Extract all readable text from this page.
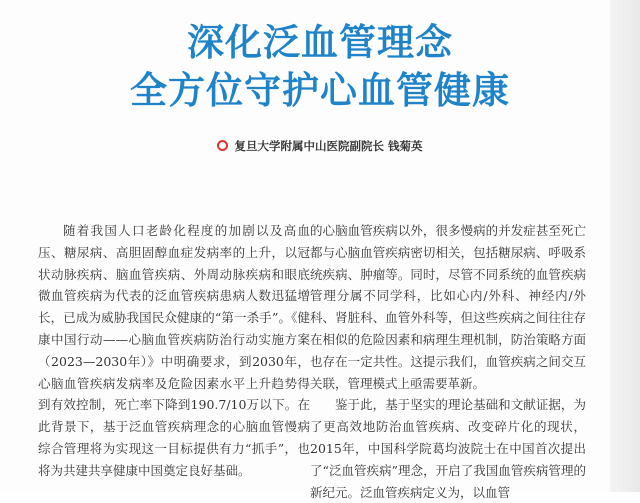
深化泛血管理念
全方位守护心血管健康
复旦大学附属中山医院副院长 钱菊英

随着我国人口老龄化程度的加剧以及高血压、糖尿病、高胆固醇血症发病率的上升，以冠状动脉疾病、脑血管疾病、外周动脉疾病和眼底微血管疾病为代表的泛血管疾病患病人数迅猛增长，已成为威胁我国民众健康的“第一杀手”。《健康中国行动——心脑血管疾病防治行动实施方案（2023—2030年）》中明确要求，到2030年，心脑血管疾病发病率及危险因素水平上升趋势得到有效控制，死亡率下降到190.7/10万以下。在此背景下，基于泛血管疾病理念的心脑血管慢病综合管理将为实现这一目标提供有力“抓手”，也将为共建共享健康中国奠定良好基础。

的心脑血管疾病以外，很多慢病的并发症甚至死亡都与心脑血管疾病密切相关，包括糖尿病、呼吸系统疾病、肿瘤等。同时，尽管不同系统的血管疾病管理分属不同学科，比如心内/外科、神经内/外科、肾脏科、血管外科等，但这些疾病之间往往存在相似的危险因素和病理生理机制，防治策略方面也存在一定共性。这提示我们，血管疾病之间交互关联，管理模式上亟需要革新。

鉴于此，基于坚实的理论基础和文献证据，为了更高效地防治血管疾病、改变碎片化的现状，2015年，中国科学院葛均波院士在中国首次提出了“泛血管疾病”理念，开启了我国血管疾病管理的新纪元。泛血管疾病定义为，以血管
